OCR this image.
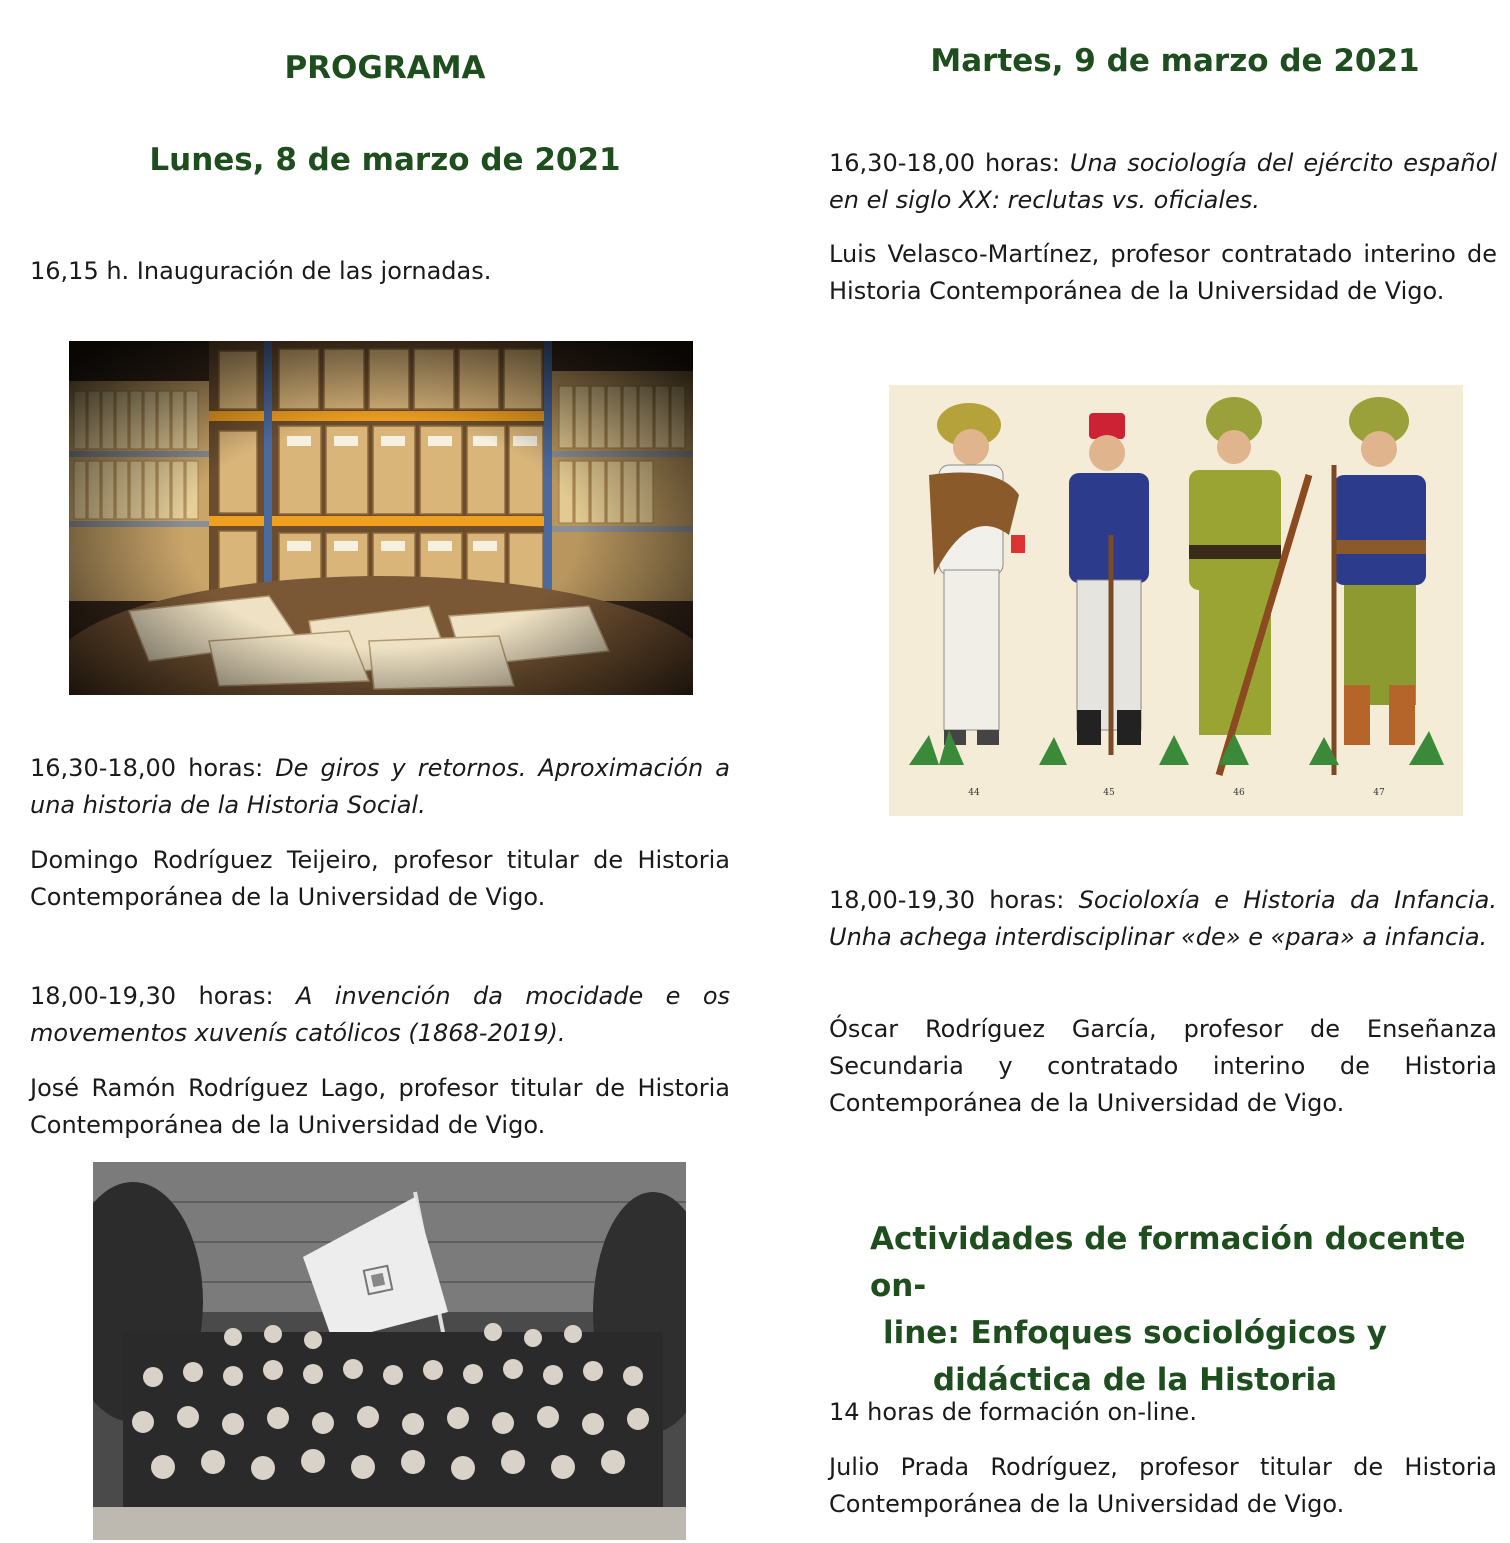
PROGRAMA
Lunes, 8 de marzo de 2021

16,15 h. Inauguración de las jornadas.

16,30-18,00 horas: De giros y retornos. Aproximación a una historia de la Historia Social.

Domingo Rodríguez Teijeiro, profesor titular de Historia Contemporánea de la Universidad de Vigo.

18,00-19,30 horas: A invención da mocidade e os movementos xuvenís católicos (1868-2019).

José Ramón Rodríguez Lago, profesor titular de Historia Contemporánea de la Universidad de Vigo.

Martes, 9 de marzo de 2021

16,30-18,00 horas: Una sociología del ejército español en el siglo XX: reclutas vs. oficiales.

Luis Velasco-Martínez, profesor contratado interino de Historia Contemporánea de la Universidad de Vigo.

44	45	46	47

18,00-19,30 horas: Socioloxía e Historia da Infancia. Unha achega interdisciplinar «de» e «para» a infancia.

Óscar Rodríguez García, profesor de Enseñanza Secundaria y contratado interino de Historia Contemporánea de la Universidad de Vigo.

Actividades de formación docente on-
line: Enfoques sociológicos y
didáctica de la Historia

14 horas de formación on-line.

Julio Prada Rodríguez, profesor titular de Historia Contemporánea de la Universidad de Vigo.
